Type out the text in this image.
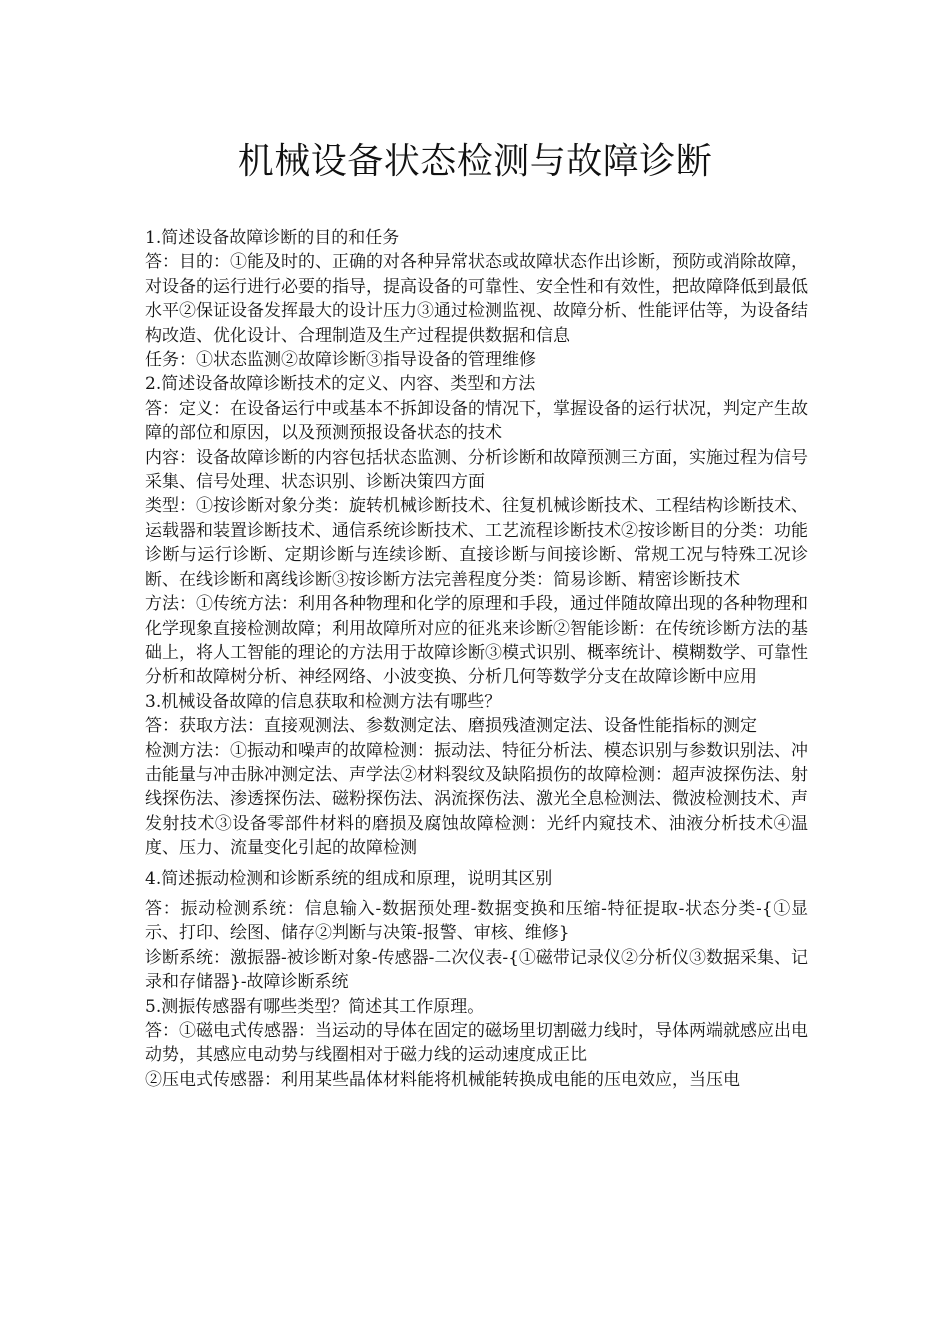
机械设备状态检测与故障诊断

1.简述设备故障诊断的目的和任务

答：目的：①能及时的、正确的对各种异常状态或故障状态作出诊断，预防或消除故障，对设备的运行进行必要的指导，提高设备的可靠性、安全性和有效性，把故障降低到最低水平②保证设备发挥最大的设计压力③通过检测监视、故障分析、性能评估等，为设备结构改造、优化设计、合理制造及生产过程提供数据和信息

任务：①状态监测②故障诊断③指导设备的管理维修

2.简述设备故障诊断技术的定义、内容、类型和方法

答：定义：在设备运行中或基本不拆卸设备的情况下，掌握设备的运行状况，判定产生故障的部位和原因，以及预测预报设备状态的技术

内容：设备故障诊断的内容包括状态监测、分析诊断和故障预测三方面，实施过程为信号采集、信号处理、状态识别、诊断决策四方面

类型：①按诊断对象分类：旋转机械诊断技术、往复机械诊断技术、工程结构诊断技术、运载器和装置诊断技术、通信系统诊断技术、工艺流程诊断技术②按诊断目的分类：功能诊断与运行诊断、定期诊断与连续诊断、直接诊断与间接诊断、常规工况与特殊工况诊断、在线诊断和离线诊断③按诊断方法完善程度分类：简易诊断、精密诊断技术

方法：①传统方法：利用各种物理和化学的原理和手段，通过伴随故障出现的各种物理和化学现象直接检测故障；利用故障所对应的征兆来诊断②智能诊断：在传统诊断方法的基础上，将人工智能的理论的方法用于故障诊断③模式识别、概率统计、模糊数学、可靠性分析和故障树分析、神经网络、小波变换、分析几何等数学分支在故障诊断中应用

3.机械设备故障的信息获取和检测方法有哪些？

答：获取方法：直接观测法、参数测定法、磨损残渣测定法、设备性能指标的测定

检测方法：①振动和噪声的故障检测：振动法、特征分析法、模态识别与参数识别法、冲击能量与冲击脉冲测定法、声学法②材料裂纹及缺陷损伤的故障检测：超声波探伤法、射线探伤法、渗透探伤法、磁粉探伤法、涡流探伤法、激光全息检测法、微波检测技术、声发射技术③设备零部件材料的磨损及腐蚀故障检测：光纤内窥技术、油液分析技术④温度、压力、流量变化引起的故障检测

4.简述振动检测和诊断系统的组成和原理，说明其区别

答：振动检测系统：信息输入-数据预处理-数据变换和压缩-特征提取-状态分类-{①显示、打印、绘图、储存②判断与决策-报警、审核、维修}

诊断系统：激振器-被诊断对象-传感器-二次仪表-{①磁带记录仪②分析仪③数据采集、记录和存储器}-故障诊断系统

5.测振传感器有哪些类型？简述其工作原理。

答：①磁电式传感器：当运动的导体在固定的磁场里切割磁力线时，导体两端就感应出电动势，其感应电动势与线圈相对于磁力线的运动速度成正比

②压电式传感器：利用某些晶体材料能将机械能转换成电能的压电效应，当压电
